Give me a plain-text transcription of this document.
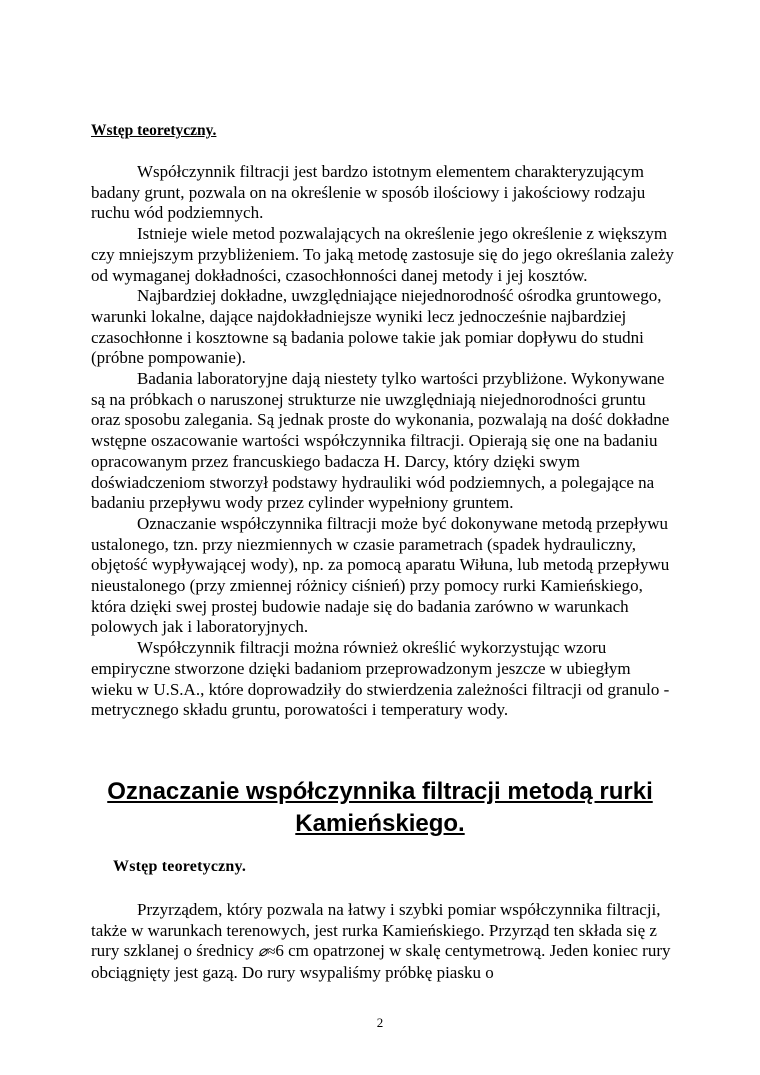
Wstęp teoretyczny.

Współczynnik filtracji jest bardzo istotnym elementem charakteryzującym badany grunt, pozwala on na określenie w sposób ilościowy i jakościowy rodzaju ruchu wód podziemnych.

Istnieje wiele metod pozwalających na określenie jego określenie z większym czy mniejszym przybliżeniem. To jaką metodę zastosuje się do jego określania zależy od wymaganej dokładności, czasochłonności danej metody i jej kosztów.

Najbardziej dokładne, uwzględniające niejednorodność ośrodka gruntowego, warunki lokalne, dające najdokładniejsze wyniki lecz jednocześnie najbardziej czasochłonne i kosztowne są badania polowe takie jak pomiar dopływu do studni (próbne pompowanie).

Badania laboratoryjne dają niestety tylko wartości przybliżone. Wykonywane są na próbkach o naruszonej strukturze nie uwzględniają niejednorodności gruntu oraz sposobu zalegania. Są jednak proste do wykonania, pozwalają na dość dokładne wstępne oszacowanie wartości współczynnika filtracji. Opierają się one na badaniu opracowanym przez francuskiego badacza H. Darcy, który dzięki swym doświadczeniom stworzył podstawy hydrauliki wód podziemnych, a polegające na badaniu przepływu wody przez cylinder wypełniony gruntem.

Oznaczanie współczynnika filtracji może być dokonywane metodą przepływu ustalonego, tzn. przy niezmiennych w czasie parametrach (spadek hydrauliczny, objętość wypływającej wody), np. za pomocą aparatu Wiłuna, lub metodą przepływu nieustalonego (przy zmiennej różnicy ciśnień) przy pomocy rurki Kamieńskiego, która dzięki swej prostej budowie nadaje się do badania zarówno w warunkach polowych jak i laboratoryjnych.

Współczynnik filtracji można również określić wykorzystując wzoru empiryczne stworzone dzięki badaniom przeprowadzonym jeszcze w ubiegłym wieku w U.S.A., które doprowadziły do stwierdzenia zależności filtracji od granulo - metrycznego składu gruntu, porowatości i temperatury wody.

Oznaczanie współczynnika filtracji metodą rurki
Kamieńskiego.
Wstęp teoretyczny.

Przyrządem, który pozwala na łatwy i szybki pomiar współczynnika filtracji, także w warunkach terenowych, jest rurka Kamieńskiego. Przyrząd ten składa się z rury szklanej o średnicy ⌀≈6 cm opatrzonej w skalę centymetrową. Jeden koniec rury obciągnięty jest gazą. Do rury wsypaliśmy próbkę piasku o

2
